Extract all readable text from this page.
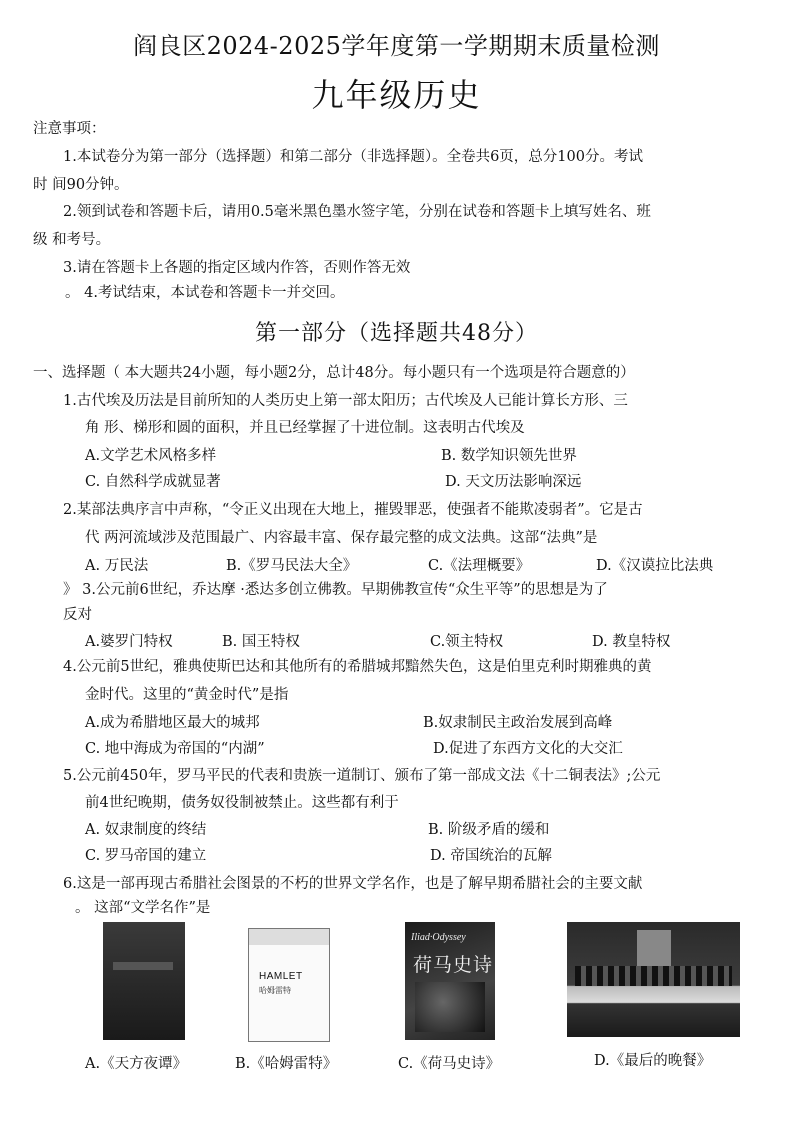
阎良区2024-2025学年度第一学期期末质量检测
九年级历史
注意事项：
1.本试卷分为第一部分（选择题）和第二部分（非选择题）。全卷共6页，总分100分。考试
时 间90分钟。
2.领到试卷和答题卡后，请用0.5毫米黑色墨水签字笔，分别在试卷和答题卡上填写姓名、班
级 和考号。
3.请在答题卡上各题的指定区域内作答，否则作答无效
。 4.考试结束，本试卷和答题卡一并交回。
第一部分（选择题共48分）
一、选择题（ 本大题共24小题，每小题2分，总计48分。每小题只有一个选项是符合题意的）
1.古代埃及历法是目前所知的人类历史上第一部太阳历；古代埃及人已能计算长方形、三
角 形、梯形和圆的面积，并且已经掌握了十进位制。这表明古代埃及
A.文学艺术风格多样	B. 数学知识领先世界
C. 自然科学成就显著	D. 天文历法影响深远
2.某部法典序言中声称，“令正义出现在大地上，摧毁罪恶，使强者不能欺凌弱者”。它是古
代 两河流域涉及范围最广、内容最丰富、保存最完整的成文法典。这部“法典”是
A. 万民法	B.《罗马民法大全》	C.《法理概要》	D.《汉谟拉比法典
》 3.公元前6世纪，乔达摩 ·悉达多创立佛教。早期佛教宣传“众生平等”的思想是为了
反对
A.婆罗门特权	B. 国王特权	C.领主特权	D. 教皇特权
4.公元前5世纪，雅典使斯巴达和其他所有的希腊城邦黯然失色，这是伯里克利时期雅典的黄
金时代。这里的“黄金时代”是指
A.成为希腊地区最大的城邦	B.奴隶制民主政治发展到高峰
C. 地中海成为帝国的“内湖”	D.促进了东西方文化的大交汇
5.公元前450年，罗马平民的代表和贵族一道制订、颁布了第一部成文法《十二铜表法》;公元
前4世纪晚期，债务奴役制被禁止。这些都有利于
A. 奴隶制度的终结	B. 阶级矛盾的缓和
C. 罗马帝国的建立	D. 帝国统治的瓦解
6.这是一部再现古希腊社会图景的不朽的世界文学名作，也是了解早期希腊社会的主要文献
。 这部“文学名作”是
HAMLET
哈姆雷特
Iliad·Odyssey
荷马史诗
A.《天方夜谭》	B.《哈姆雷特》	C.《荷马史诗》	D.《最后的晚餐》
